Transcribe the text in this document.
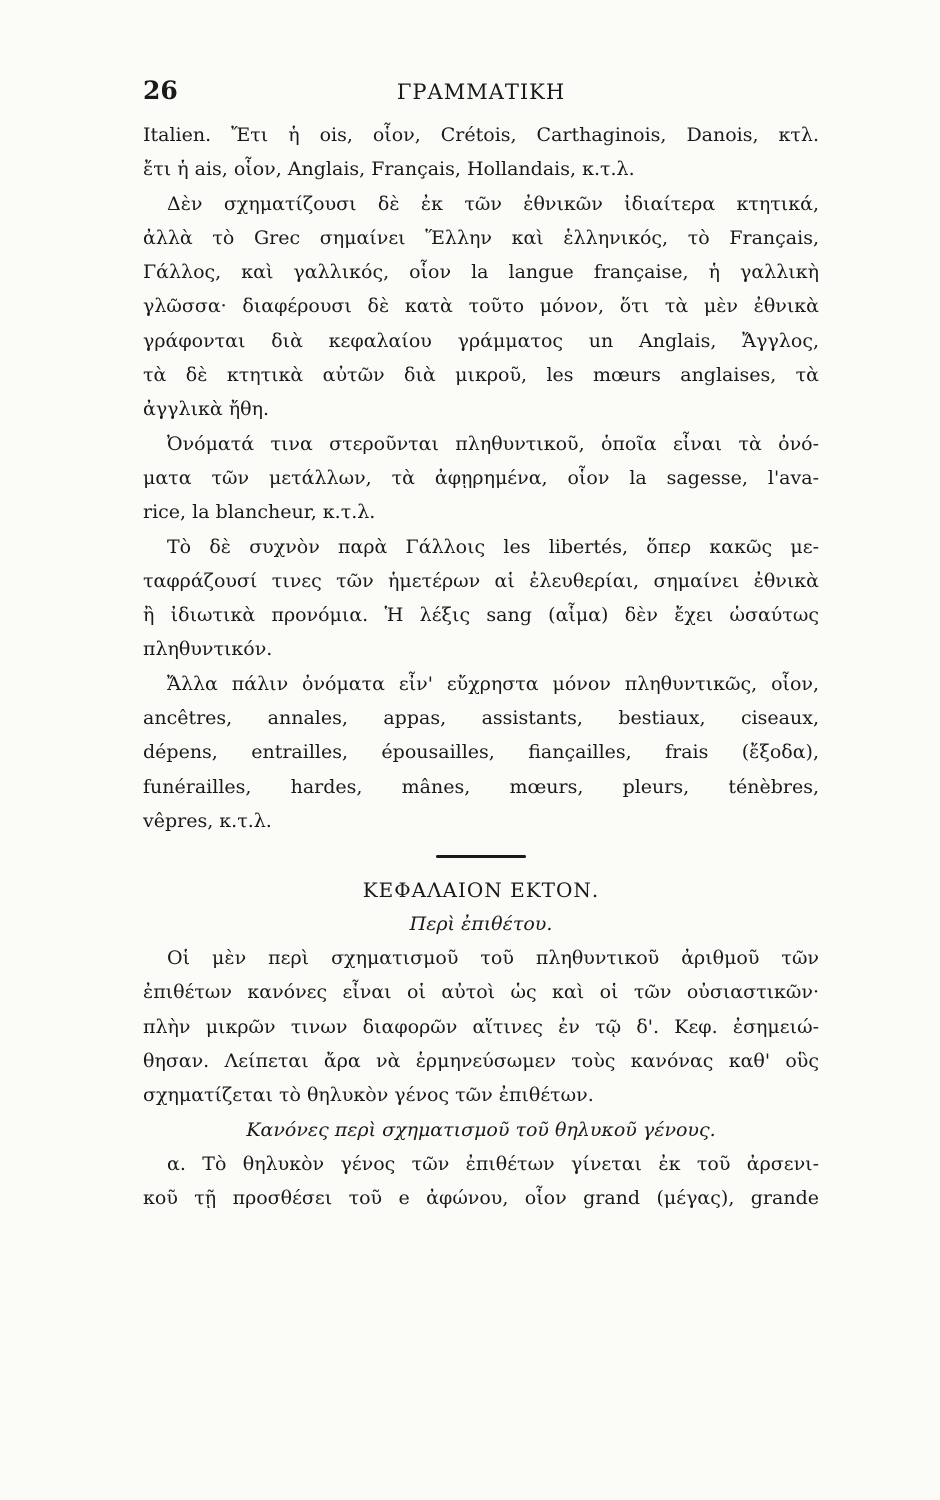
26	ΓΡΑΜΜΑΤΙΚΗ
Italien. Ἔτι ἡ ois, οἷον, Crétois, Carthaginois, Danois, κτλ.
ἔτι ἡ ais, οἷον, Anglais, Français, Hollandais, κ.τ.λ.
Δὲν σχηματίζουσι δὲ ἐκ τῶν ἐθνικῶν ἰδιαίτερα κτητικά,
ἀλλὰ τὸ Grec σημαίνει Ἕλλην καὶ ἑλληνικός, τὸ Français,
Γάλλος, καὶ γαλλικός, οἷον la langue française, ἡ γαλλικὴ
γλῶσσα· διαφέρουσι δὲ κατὰ τοῦτο μόνον, ὅτι τὰ μὲν ἐθνικὰ
γράφονται διὰ κεφαλαίου γράμματος un Anglais, Ἄγγλος,
τὰ δὲ κτητικὰ αὐτῶν διὰ μικροῦ, les mœurs anglaises, τὰ
ἀγγλικὰ ἤθη.
Ὀνόματά τινα στεροῦνται πληθυντικοῦ, ὁποῖα εἶναι τὰ ὀνό-
ματα τῶν μετάλλων, τὰ ἀφῃρημένα, οἷον la sagesse, l'ava-
rice, la blancheur, κ.τ.λ.
Τὸ δὲ συχνὸν παρὰ Γάλλοις les libertés, ὅπερ κακῶς με-
ταφράζουσί τινες τῶν ἡμετέρων αἱ ἐλευθερίαι, σημαίνει ἐθνικὰ
ἢ ἰδιωτικὰ προνόμια. Ἡ λέξις sang (αἷμα) δὲν ἔχει ὡσαύτως
πληθυντικόν.
Ἄλλα πάλιν ὀνόματα εἶν' εὔχρηστα μόνον πληθυντικῶς, οἷον,
ancêtres, annales, appas, assistants, bestiaux, ciseaux,
dépens, entrailles, épousailles, fiançailles, frais (ἔξοδα),
funérailles, hardes, mânes, mœurs, pleurs, ténèbres,
vêpres, κ.τ.λ.
ΚΕΦΑΛΑΙΟΝ ΕΚΤΟΝ.
Περὶ ἐπιθέτου.
Οἱ μὲν περὶ σχηματισμοῦ τοῦ πληθυντικοῦ ἀριθμοῦ τῶν
ἐπιθέτων κανόνες εἶναι οἱ αὐτοὶ ὡς καὶ οἱ τῶν οὐσιαστικῶν·
πλὴν μικρῶν τινων διαφορῶν αἵτινες ἐν τῷ δ'. Κεφ. ἐσημειώ-
θησαν. Λείπεται ἄρα νὰ ἑρμηνεύσωμεν τοὺς κανόνας καθ' οὓς
σχηματίζεται τὸ θηλυκὸν γένος τῶν ἐπιθέτων.
Κανόνες περὶ σχηματισμοῦ τοῦ θηλυκοῦ γένους.
α. Τὸ θηλυκὸν γένος τῶν ἐπιθέτων γίνεται ἐκ τοῦ ἀρσενι-
κοῦ τῇ προσθέσει τοῦ e ἀφώνου, οἷον grand (μέγας), grande
